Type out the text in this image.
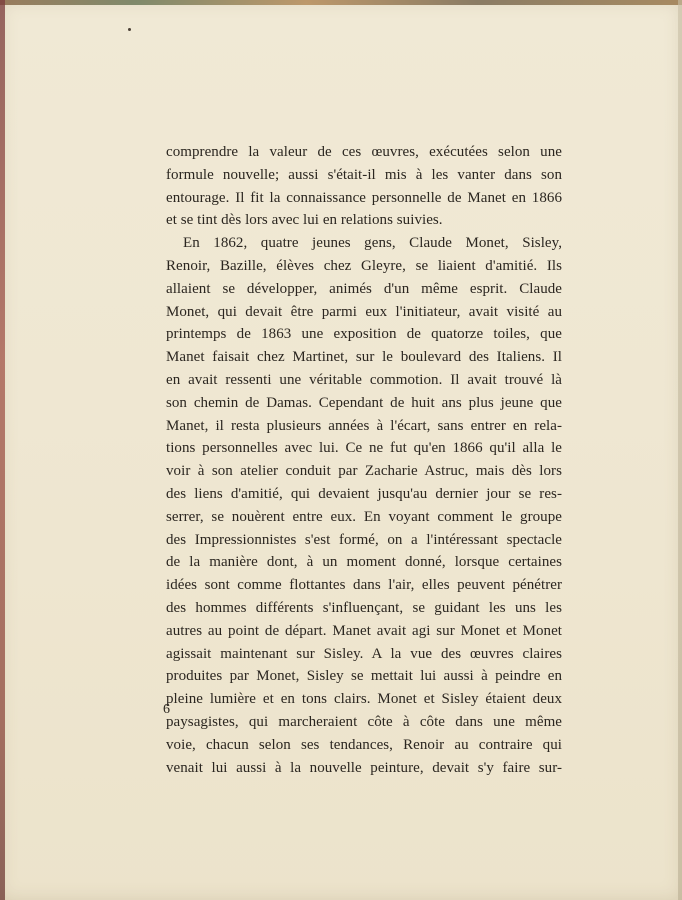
comprendre la valeur de ces œuvres, exécutées selon une
formule nouvelle; aussi s'était-il mis à les vanter dans son
entourage. Il fit la connaissance personnelle de Manet en 1866
et se tint dès lors avec lui en relations suivies.
En 1862, quatre jeunes gens, Claude Monet, Sisley,
Renoir, Bazille, élèves chez Gleyre, se liaient d'amitié. Ils
allaient se développer, animés d'un même esprit. Claude
Monet, qui devait être parmi eux l'initiateur, avait visité au
printemps de 1863 une exposition de quatorze toiles, que
Manet faisait chez Martinet, sur le boulevard des Italiens. Il
en avait ressenti une véritable commotion. Il avait trouvé là
son chemin de Damas. Cependant de huit ans plus jeune que
Manet, il resta plusieurs années à l'écart, sans entrer en rela-
tions personnelles avec lui. Ce ne fut qu'en 1866 qu'il alla le
voir à son atelier conduit par Zacharie Astruc, mais dès lors
des liens d'amitié, qui devaient jusqu'au dernier jour se res-
serrer, se nouèrent entre eux. En voyant comment le groupe
des Impressionnistes s'est formé, on a l'intéressant spectacle
de la manière dont, à un moment donné, lorsque certaines
idées sont comme flottantes dans l'air, elles peuvent pénétrer
des hommes différents s'influençant, se guidant les uns les
autres au point de départ. Manet avait agi sur Monet et Monet
agissait maintenant sur Sisley. A la vue des œuvres claires
produites par Monet, Sisley se mettait lui aussi à peindre en
pleine lumière et en tons clairs. Monet et Sisley étaient deux
paysagistes, qui marcheraient côte à côte dans une même
voie, chacun selon ses tendances, Renoir au contraire qui
venait lui aussi à la nouvelle peinture, devait s'y faire sur-
6
